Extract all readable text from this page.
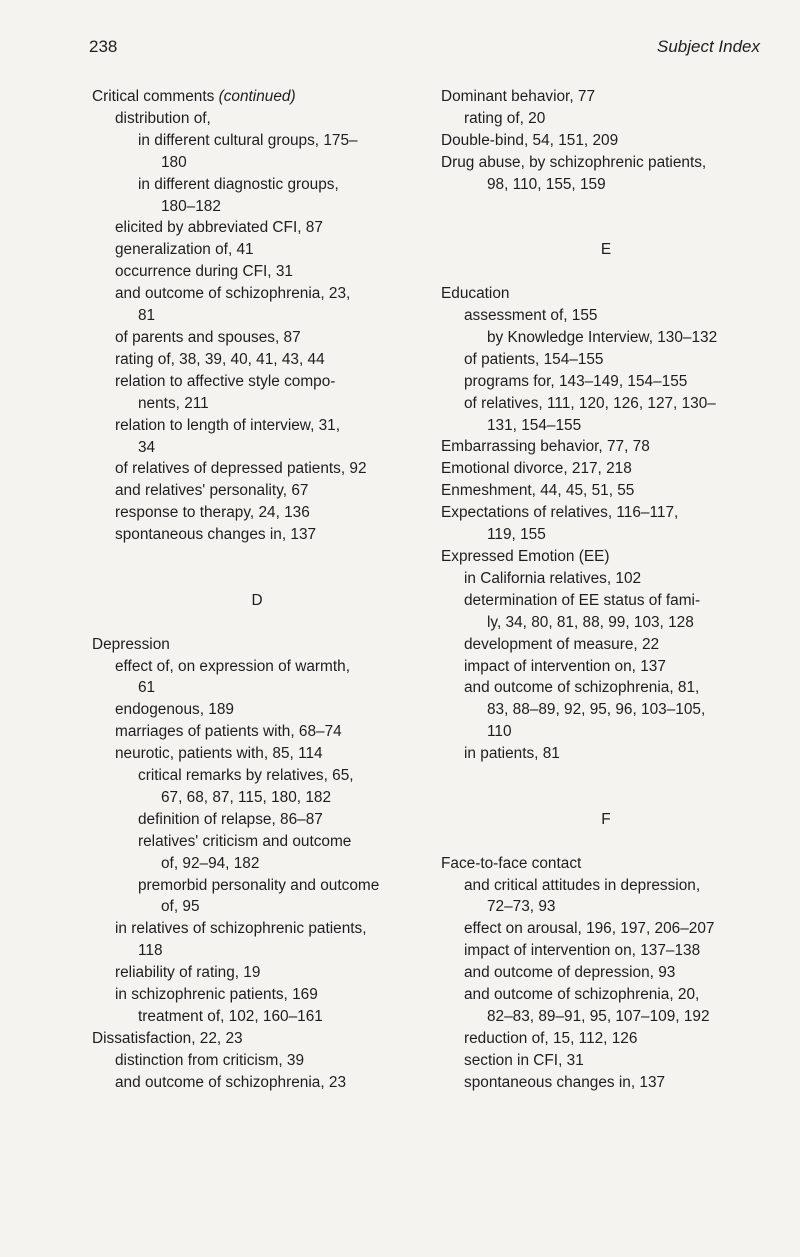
238	Subject Index
Critical comments (continued)
distribution of,
in different cultural groups, 175–
180
in different diagnostic groups,
180–182
elicited by abbreviated CFI, 87
generalization of, 41
occurrence during CFI, 31
and outcome of schizophrenia, 23,
81
of parents and spouses, 87
rating of, 38, 39, 40, 41, 43, 44
relation to affective style compo-
nents, 211
relation to length of interview, 31,
34
of relatives of depressed patients, 92
and relatives' personality, 67
response to therapy, 24, 136
spontaneous changes in, 137
D
Depression
effect of, on expression of warmth,
61
endogenous, 189
marriages of patients with, 68–74
neurotic, patients with, 85, 114
critical remarks by relatives, 65,
67, 68, 87, 115, 180, 182
definition of relapse, 86–87
relatives' criticism and outcome
of, 92–94, 182
premorbid personality and outcome
of, 95
in relatives of schizophrenic patients,
118
reliability of rating, 19
in schizophrenic patients, 169
treatment of, 102, 160–161
Dissatisfaction, 22, 23
distinction from criticism, 39
and outcome of schizophrenia, 23
Dominant behavior, 77
rating of, 20
Double-bind, 54, 151, 209
Drug abuse, by schizophrenic patients,
98, 110, 155, 159
E
Education
assessment of, 155
by Knowledge Interview, 130–132
of patients, 154–155
programs for, 143–149, 154–155
of relatives, 111, 120, 126, 127, 130–
131, 154–155
Embarrassing behavior, 77, 78
Emotional divorce, 217, 218
Enmeshment, 44, 45, 51, 55
Expectations of relatives, 116–117,
119, 155
Expressed Emotion (EE)
in California relatives, 102
determination of EE status of fami-
ly, 34, 80, 81, 88, 99, 103, 128
development of measure, 22
impact of intervention on, 137
and outcome of schizophrenia, 81,
83, 88–89, 92, 95, 96, 103–105,
110
in patients, 81
F
Face-to-face contact
and critical attitudes in depression,
72–73, 93
effect on arousal, 196, 197, 206–207
impact of intervention on, 137–138
and outcome of depression, 93
and outcome of schizophrenia, 20,
82–83, 89–91, 95, 107–109, 192
reduction of, 15, 112, 126
section in CFI, 31
spontaneous changes in, 137
